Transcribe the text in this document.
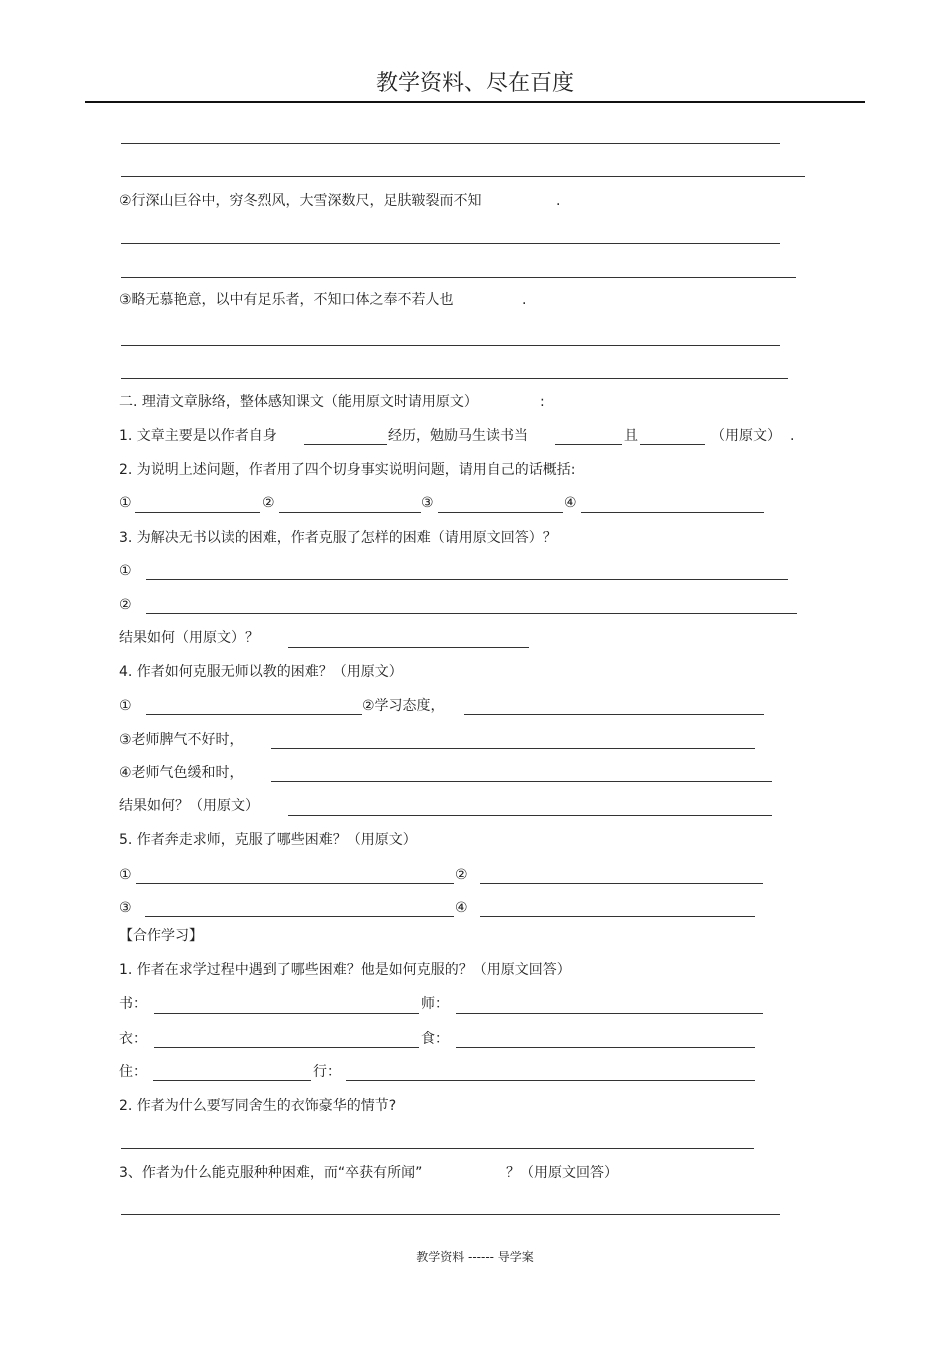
教学资料、尽在百度
②行深山巨谷中，穷冬烈风，大雪深数尺，足肤皲裂而不知	.
③略无慕艳意，以中有足乐者，不知口体之奉不若人也	.
二. 理清文章脉络，整体感知课文（能用原文时请用原文）	:
1. 文章主要是以作者自身	经历，勉励马生读书当	且	（用原文） .
2. 为说明上述问题，作者用了四个切身事实说明问题，请用自己的话概括:
①	②	③	④
3. 为解决无书以读的困难，作者克服了怎样的困难（请用原文回答）？
①
②
结果如何（用原文）？
4. 作者如何克服无师以教的困难？（用原文）
①	②学习态度，
③老师脾气不好时，
④老师气色缓和时，
结果如何？（用原文）
5. 作者奔走求师，克服了哪些困难？（用原文）
①	②
③	④
【合作学习】
1. 作者在求学过程中遇到了哪些困难？他是如何克服的？（用原文回答）
书：	师：
衣：	食：
住：	行：
2. 作者为什么要写同舍生的衣饰豪华的情节?
3、作者为什么能克服种种困难，而“卒获有所闻”	？（用原文回答）
教学资料 ------ 导学案
